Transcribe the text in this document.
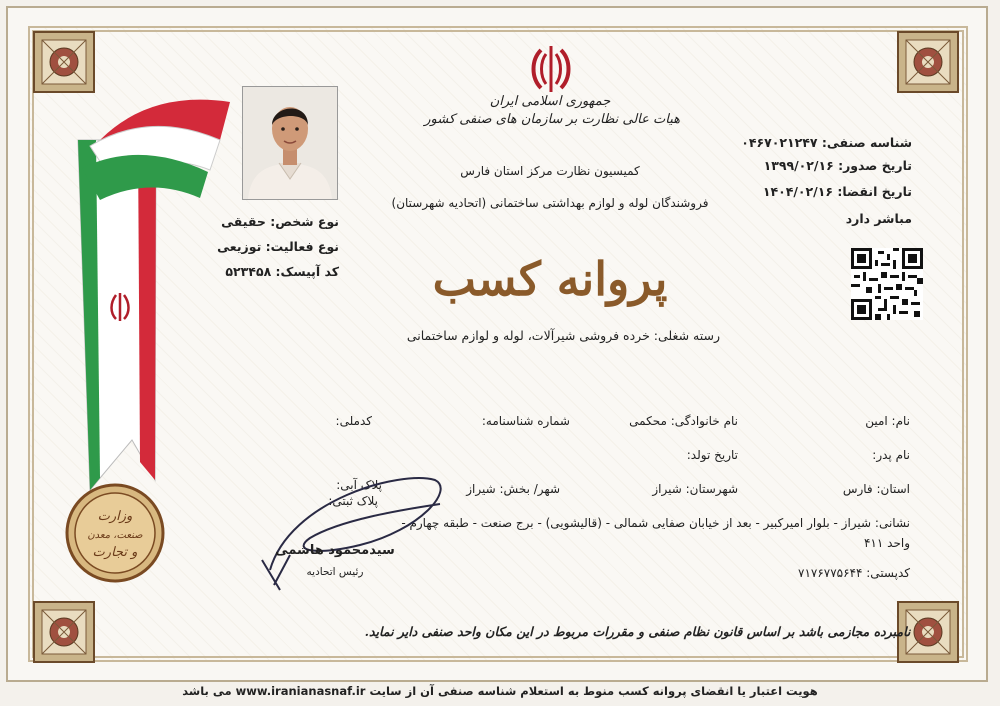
وزارت
صنعت، معدن
و تجارت
جمهوری اسلامی ایران
هیات عالی نظارت بر سازمان های صنفی کشور
کمیسیون نظارت مرکز استان فارس
فروشندگان لوله و لوازم بهداشتی ساختمانی (اتحادیه شهرستان)
پروانه کسب
رسته شغلی: خرده فروشی شیرآلات، لوله و لوازم ساختمانی
شناسه صنفی: ۰۴۶۷۰۲۱۲۴۷
تاریخ صدور: ۱۳۹۹/۰۲/۱۶
تاریخ انقضا: ۱۴۰۴/۰۲/۱۶
مباشر دارد
نوع شخص: حقیقی
نوع فعالیت: توزیعی
کد آپیسک: ۵۲۳۴۵۸
نام: امین
نام خانوادگی: محکمی
شماره شناسنامه:
کدملی:
نام پدر:
تاریخ تولد:
استان: فارس
شهرستان: شیراز
شهر/ بخش: شیراز
پلاک آبی:
پلاک ثبتی:
نشانی: شیراز - بلوار امیرکبیر - بعد از خیابان صفایی شمالی - (قالیشویی) - برج صنعت - طبقه چهارم -
واحد ۴۱۱
کدپستی: ۷۱۷۶۷۷۵۶۴۴
سیدمحمود هاشمی
رئیس اتحادیه
نامبرده مجازمی باشد بر اساس قانون نظام صنفی و مقررات مربوط در این مکان واحد صنفی دایر نماید.
هویت اعتبار یا انقضای پروانه کسب منوط به استعلام شناسه صنفی آن از سایت www.iranianasnaf.ir می باشد
